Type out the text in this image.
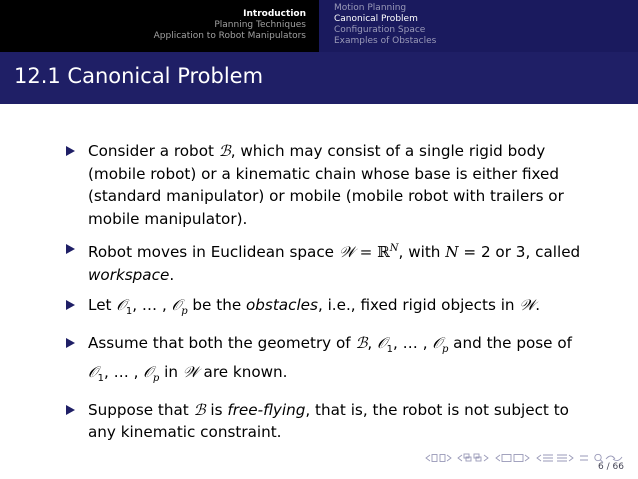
Introduction
Planning Techniques
Application to Robot Manipulators
Motion Planning
Canonical Problem
Configuration Space
Examples of Obstacles
12.1 Canonical Problem
Consider a robot ℬ, which may consist of a single rigid body (mobile robot) or a kinematic chain whose base is either fixed (standard manipulator) or mobile (mobile robot with trailers or mobile manipulator).
Robot moves in Euclidean space 𝒲 = ℝ$^N$, with N = 2 or 3, called workspace.
Let 𝒪$_1$, … , 𝒪$_p$ be the obstacles, i.e., fixed rigid objects in 𝒲.
Assume that both the geometry of ℬ, 𝒪$_1$, … , 𝒪$_p$ and the pose of 𝒪$_1$, … , 𝒪$_p$ in 𝒲 are known.
Suppose that ℬ is free-flying, that is, the robot is not subject to any kinematic constraint.
6 / 66
